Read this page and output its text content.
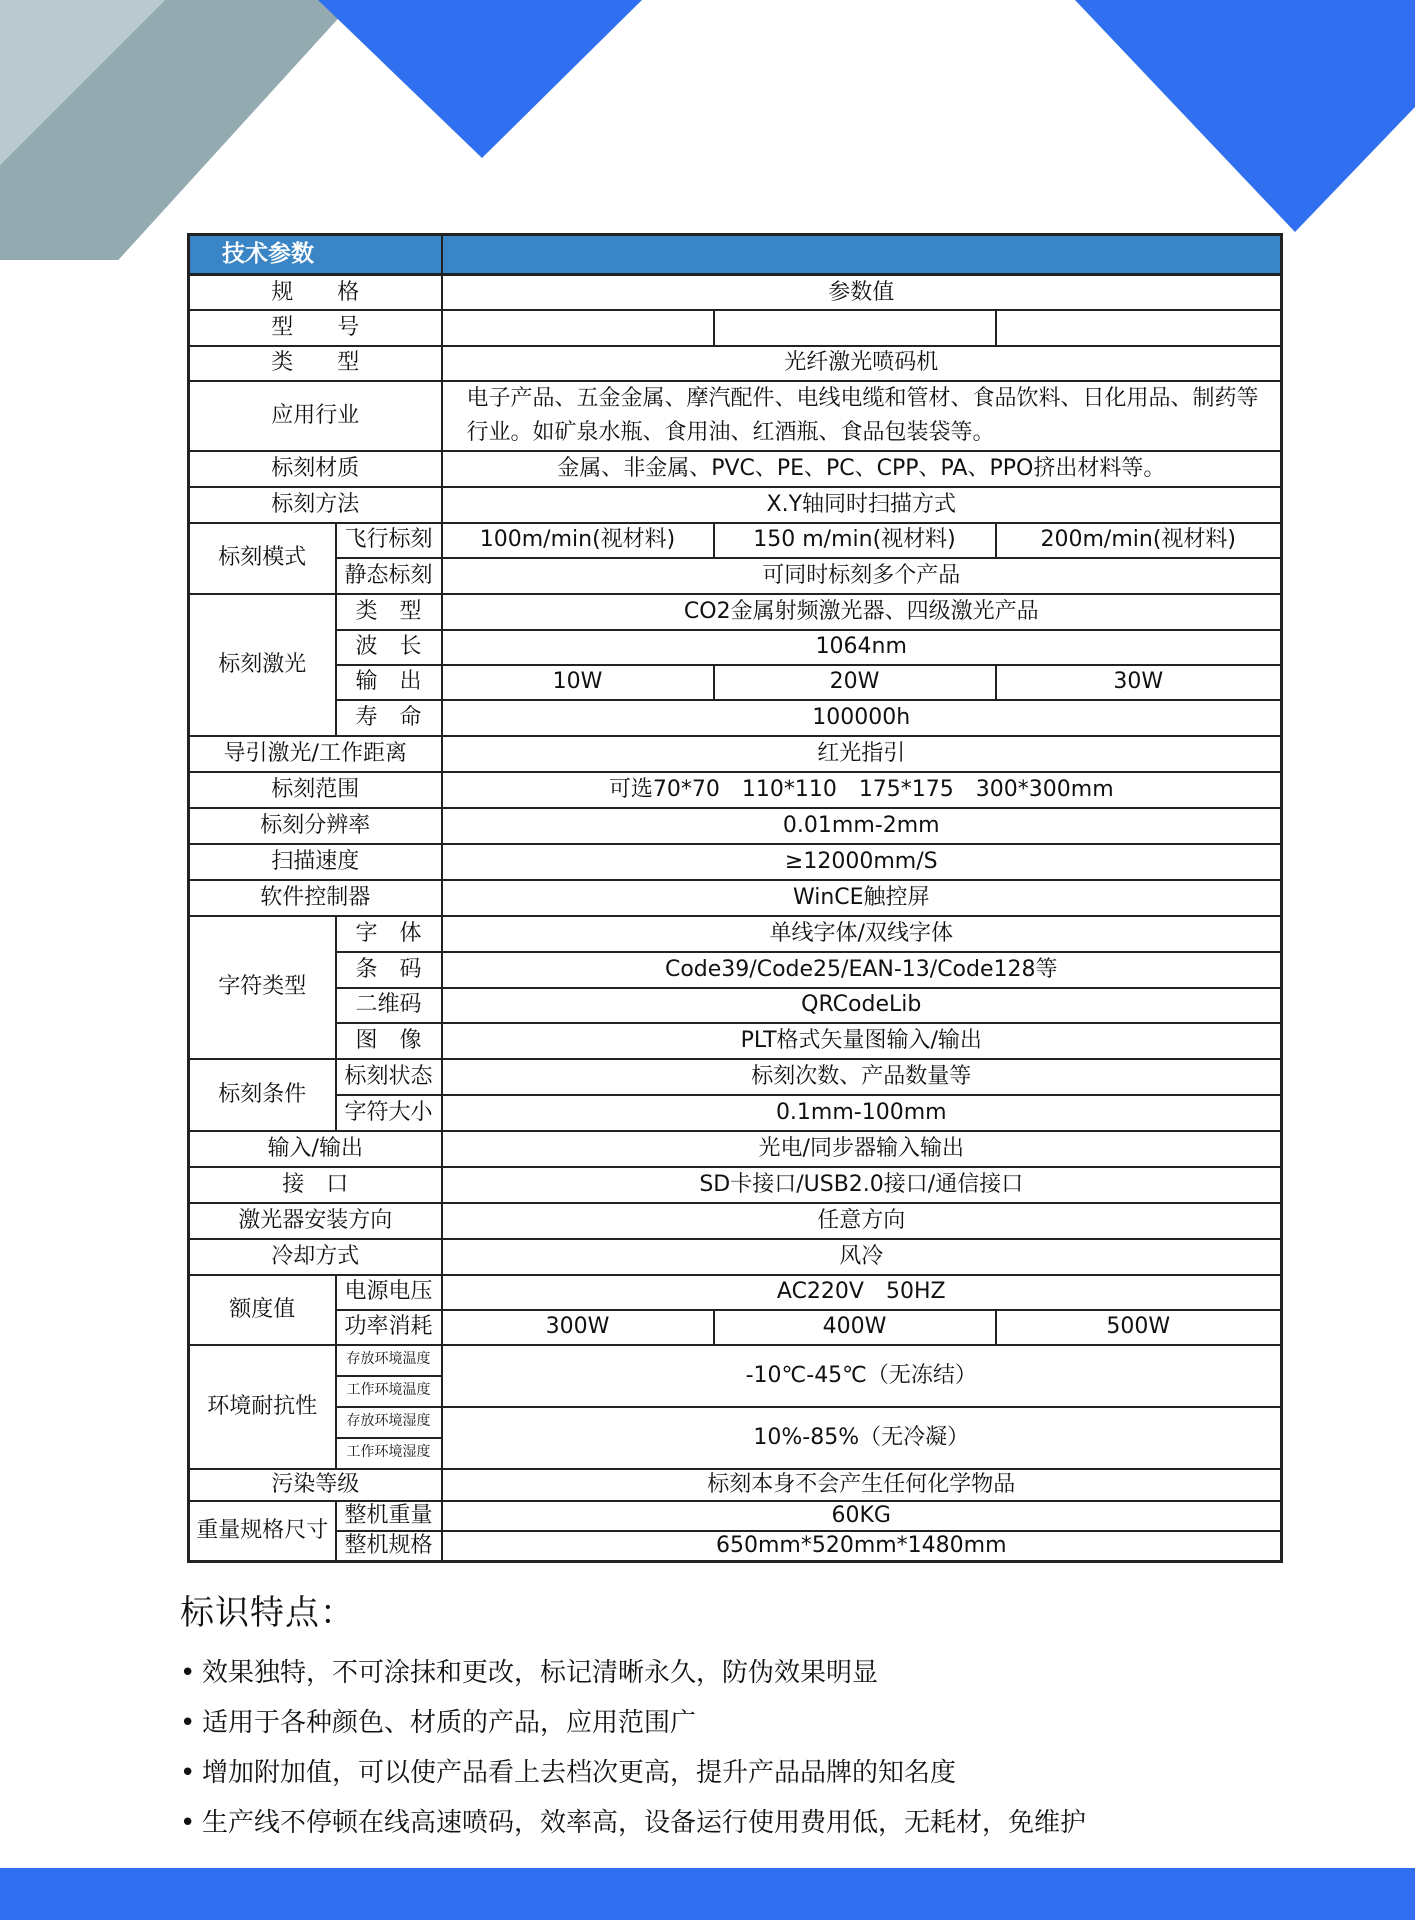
技术参数				
规　　格		参数值		
型　　号				
类　　型		光纤激光喷码机		
应用行业		电子产品、五金金属、摩汽配件、电线电缆和管材、食品饮料、日化用品、制药等行业。如矿泉水瓶、食用油、红酒瓶、食品包装袋等。		
标刻材质		金属、非金属、PVC、PE、PC、CPP、PA、PPO挤出材料等。		
标刻方法		X.Y轴同时扫描方式		
标刻模式	飞行标刻	100m/min(视材料)	150 m/min(视材料)	200m/min(视材料)
	静态标刻	可同时标刻多个产品		
标刻激光	类　型	CO2金属射频激光器、四级激光产品		
	波　长	1064nm		
	输　出	10W	20W	30W
	寿　命	100000h		
导引激光/工作距离		红光指引		
标刻范围		可选70*70　110*110　175*175　300*300mm		
标刻分辨率		0.01mm-2mm		
扫描速度		≥12000mm/S		
软件控制器		WinCE触控屏		
字符类型	字　体	单线字体/双线字体		
	条　码	Code39/Code25/EAN-13/Code128等		
	二维码	QRCodeLib		
	图　像	PLT格式矢量图输入/输出		
标刻条件	标刻状态	标刻次数、产品数量等		
	字符大小	0.1mm-100mm		
输入/输出		光电/同步器输入输出		
接　口		SD卡接口/USB2.0接口/通信接口		
激光器安装方向		任意方向		
冷却方式		风冷		
额度值	电源电压	AC220V　50HZ		
	功率消耗	300W	400W	500W
环境耐抗性	存放环境温度	-10℃-45℃（无冻结）		
	工作环境温度			
	存放环境湿度	10%-85%（无冷凝）		
	工作环境湿度			
污染等级		标刻本身不会产生任何化学物品		
重量规格尺寸	整机重量	60KG		
	整机规格	650mm*520mm*1480mm		
标识特点：
• 效果独特，不可涂抹和更改，标记清晰永久，防伪效果明显
• 适用于各种颜色、材质的产品，应用范围广
• 增加附加值，可以使产品看上去档次更高，提升产品品牌的知名度
• 生产线不停顿在线高速喷码，效率高，设备运行使用费用低，无耗材，免维护
